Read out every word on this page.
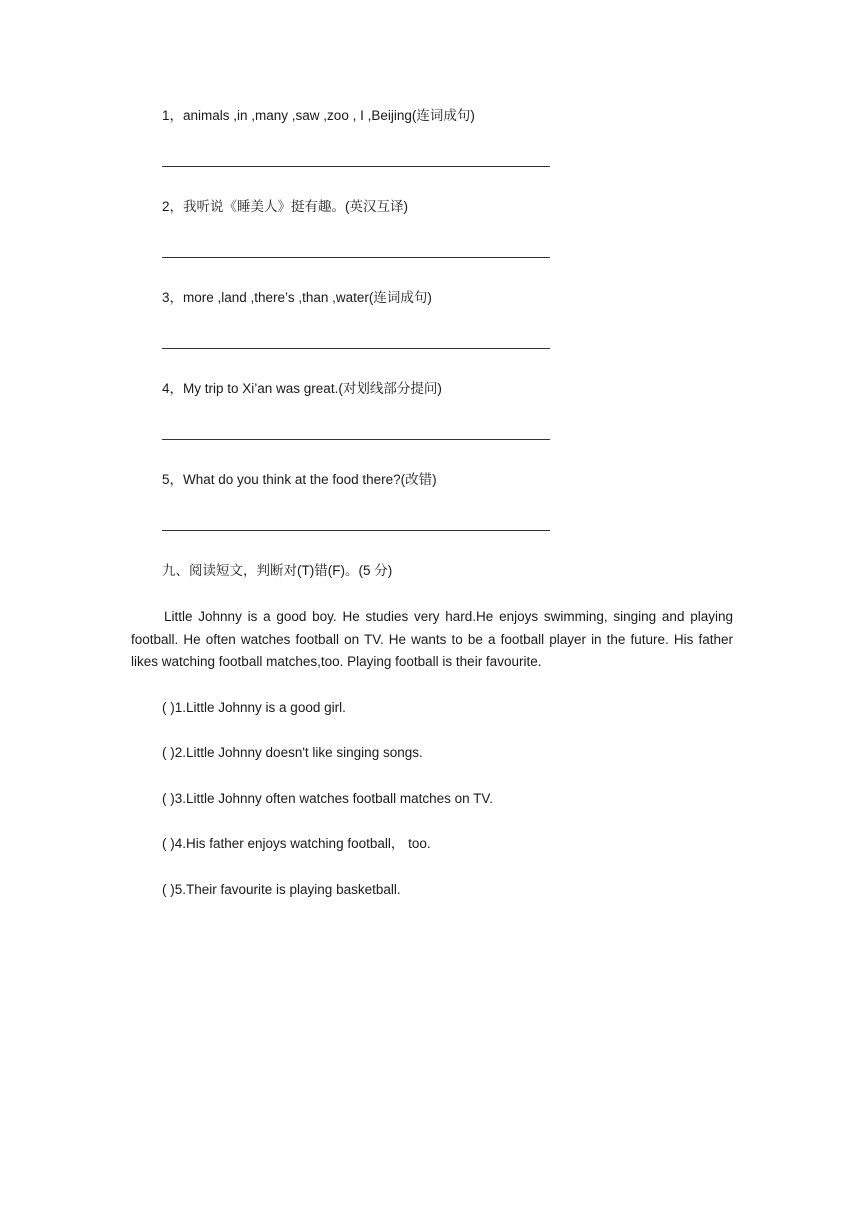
1，animals ,in ,many ,saw ,zoo , I ,Beijing(连词成句)
2，我听说《睡美人》挺有趣。(英汉互译)
3，more ,land ,there’s ,than ,water(连词成句)
4，My trip to Xi’an was great.(对划线部分提问)
5，What do you think at the food there?(改错)
九、阅读短文，判断对(T)错(F)。(5 分)
Little Johnny is a good boy. He studies very hard.He enjoys swimming, singing and playing football. He often watches football on TV. He wants to be a football player in the future. His father likes watching football matches,too. Playing football is their favourite.
( )1.Little Johnny is a good girl.
( )2.Little Johnny doesn't like singing songs.
( )3.Little Johnny often watches football matches on TV.
( )4.His father enjoys watching football， too.
( )5.Their favourite is playing basketball.
